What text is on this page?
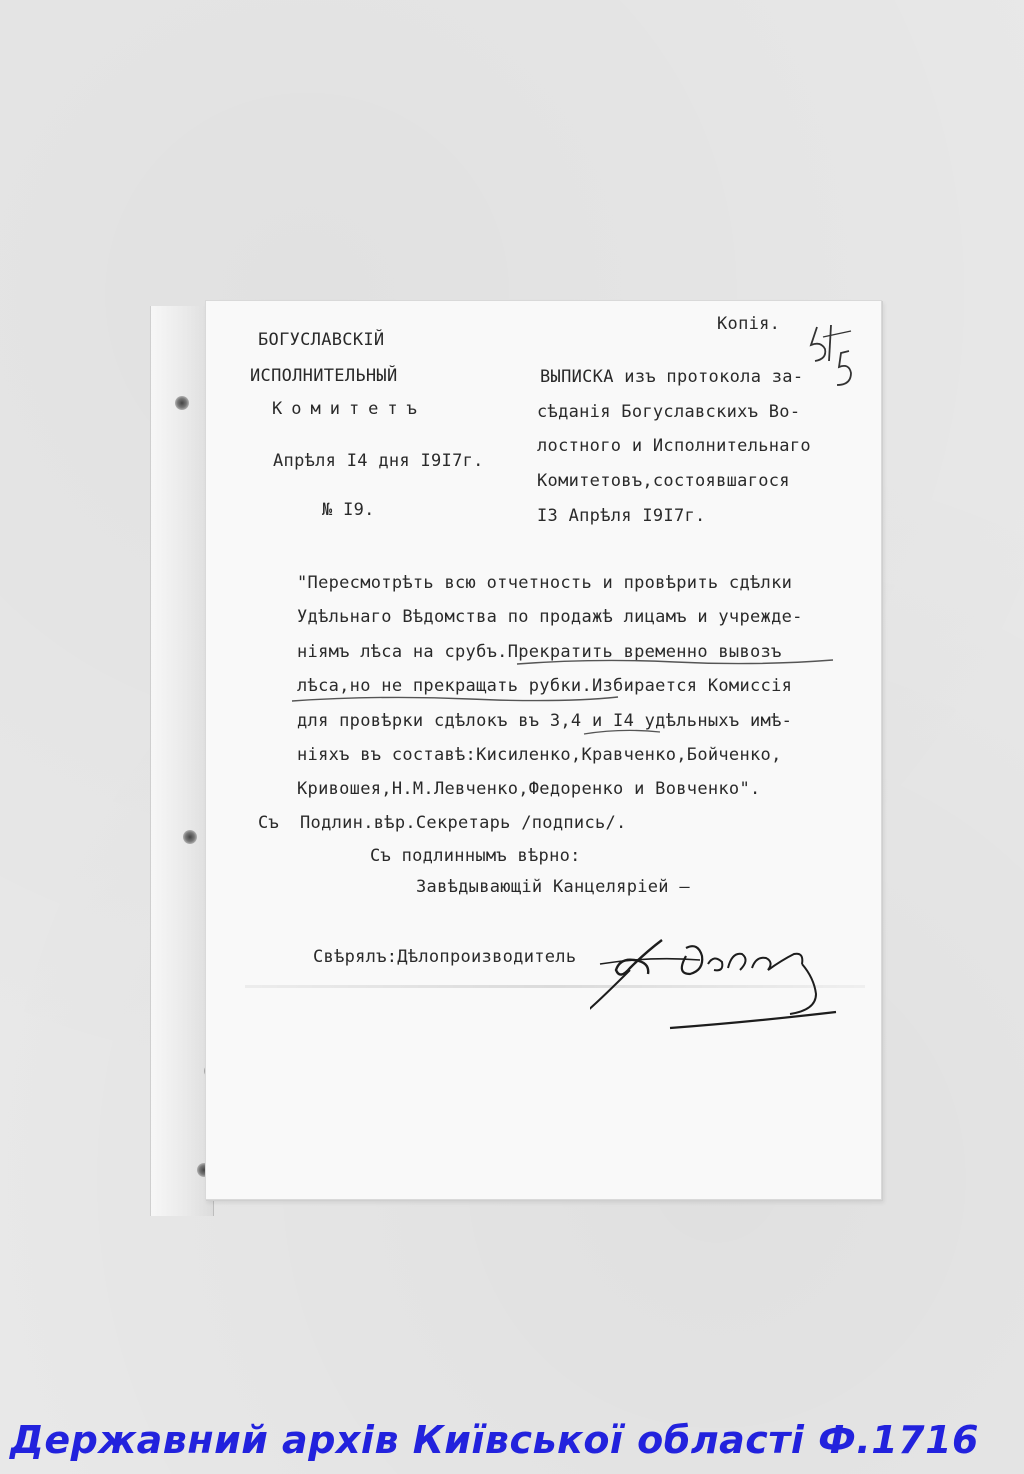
БОГУСЛАВСКIЙ
ИСПОЛНИТЕЛЬНЫЙ
Комитетъ
Апрѣля I4 дня I9I7г.
№ I9.
Копія.
ВЫПИСКА изъ протокола за-
сѣданія Богуславскихъ Во-
лостного и Исполнительнаго
Комитетовъ,состоявшагося
I3 Апрѣля I9I7г.
"Пересмотрѣть всю отчетность и провѣрить сдѣлки
Удѣльнаго Вѣдомства по продажѣ лицамъ и учрежде-
ніямъ лѣса на срубъ.Прекратить временно вывозъ
лѣса,но не прекращать рубки.Избирается Комиссія
для провѣрки сдѣлокъ въ 3,4 и I4 удѣльныхъ имѣ-
ніяхъ въ составѣ:Кисиленко,Кравченко,Бойченко,
Кривошея,Н.М.Левченко,Федоренко и Вовченко".
Съ Подлин.вѣр.Секретарь /подпись/.
Съ подлиннымъ вѣрно:
Завѣдывающій Канцеляріей —
Свѣрялъ:Дѣлопроизводитель
Державний архів Київської області Ф.1716
